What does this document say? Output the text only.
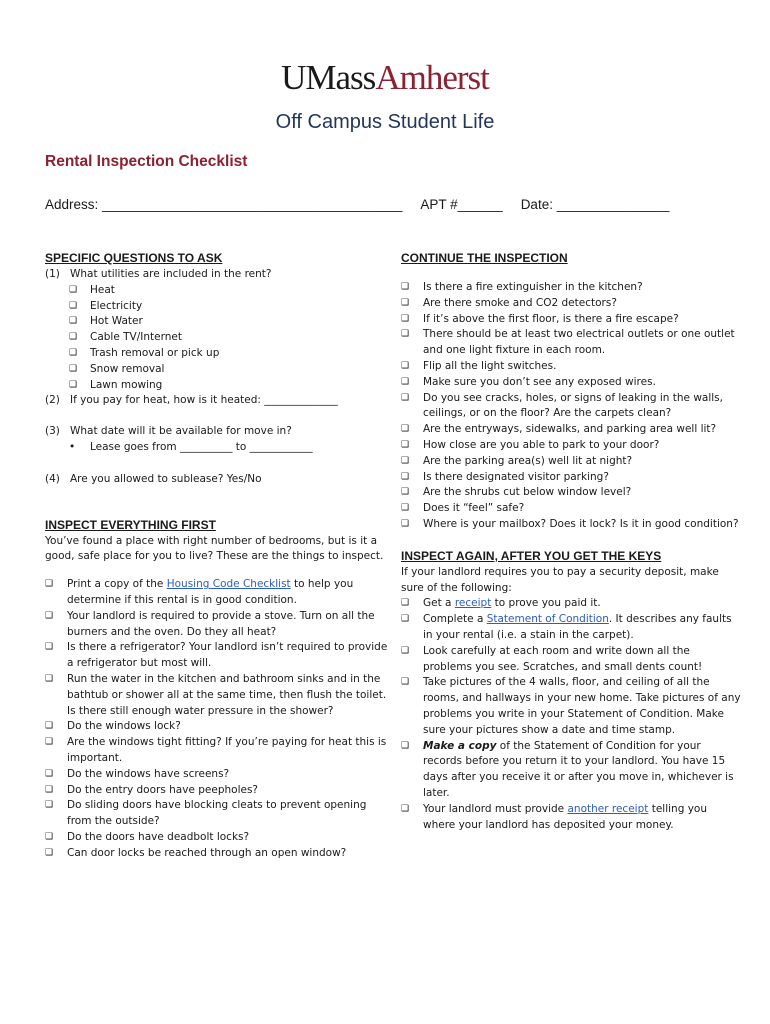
UMassAmherst
Off Campus Student Life
Rental Inspection Checklist
Address: ________________________________________ APT #______ Date: _______________
SPECIFIC QUESTIONS TO ASK
(1) What utilities are included in the rent?
❑ Heat
❑ Electricity
❑ Hot Water
❑ Cable TV/Internet
❑ Trash removal or pick up
❑ Snow removal
❑ Lawn mowing
(2) If you pay for heat, how is it heated: ______________
(3) What date will it be available for move in?
• Lease goes from __________ to ____________
(4) Are you allowed to sublease? Yes/No
INSPECT EVERYTHING FIRST

You’ve found a place with right number of bedrooms, but is it a good, safe place for you to live? These are the things to inspect.

❑ Print a copy of the Housing Code Checklist to help you determine if this rental is in good condition.
❑ Your landlord is required to provide a stove. Turn on all the burners and the oven. Do they all heat?
❑ Is there a refrigerator? Your landlord isn’t required to provide a refrigerator but most will.
❑ Run the water in the kitchen and bathroom sinks and in the bathtub or shower all at the same time, then flush the toilet. Is there still enough water pressure in the shower?
❑ Do the windows lock?
❑ Are the windows tight fitting? If you’re paying for heat this is important.
❑ Do the windows have screens?
❑ Do the entry doors have peepholes?
❑ Do sliding doors have blocking cleats to prevent opening from the outside?
❑ Do the doors have deadbolt locks?
❑ Can door locks be reached through an open window?
CONTINUE THE INSPECTION
❑ Is there a fire extinguisher in the kitchen?
❑ Are there smoke and CO2 detectors?
❑ If it’s above the first floor, is there a fire escape?
❑ There should be at least two electrical outlets or one outlet and one light fixture in each room.
❑ Flip all the light switches.
❑ Make sure you don’t see any exposed wires.
❑ Do you see cracks, holes, or signs of leaking in the walls, ceilings, or on the floor? Are the carpets clean?
❑ Are the entryways, sidewalks, and parking area well lit?
❑ How close are you able to park to your door?
❑ Are the parking area(s) well lit at night?
❑ Is there designated visitor parking?
❑ Are the shrubs cut below window level?
❑ Does it “feel” safe?
❑ Where is your mailbox? Does it lock? Is it in good condition?
INSPECT AGAIN, AFTER YOU GET THE KEYS

If your landlord requires you to pay a security deposit, make sure of the following:

❑ Get a receipt to prove you paid it.
❑ Complete a Statement of Condition. It describes any faults in your rental (i.e. a stain in the carpet).
❑ Look carefully at each room and write down all the problems you see. Scratches, and small dents count!
❑ Take pictures of the 4 walls, floor, and ceiling of all the rooms, and hallways in your new home. Take pictures of any problems you write in your Statement of Condition. Make sure your pictures show a date and time stamp.
❑ Make a copy of the Statement of Condition for your records before you return it to your landlord. You have 15 days after you receive it or after you move in, whichever is later.
❑ Your landlord must provide another receipt telling you where your landlord has deposited your money.
